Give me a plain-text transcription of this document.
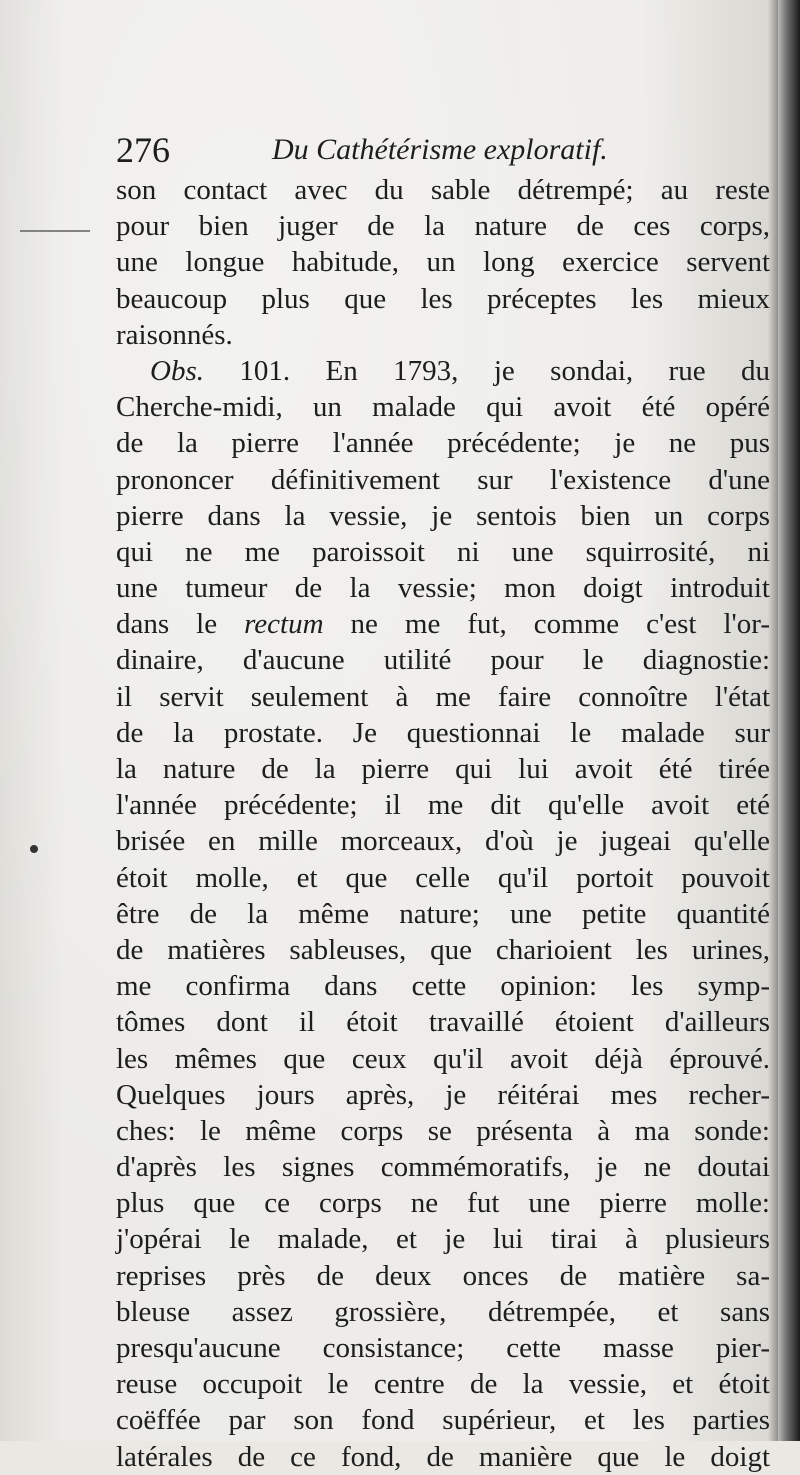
276	Du Cathétérisme exploratif.
son contact avec du sable détrempé; au reste
pour bien juger de la nature de ces corps,
une longue habitude, un long exercice servent
beaucoup plus que les préceptes les mieux
raisonnés.
Obs. 101. En 1793, je sondai, rue du
Cherche-midi, un malade qui avoit été opéré
de la pierre l'année précédente; je ne pus
prononcer définitivement sur l'existence d'une
pierre dans la vessie, je sentois bien un corps
qui ne me paroissoit ni une squirrosité, ni
une tumeur de la vessie; mon doigt introduit
dans le rectum ne me fut, comme c'est l'or-
dinaire, d'aucune utilité pour le diagnostie:
il servit seulement à me faire connoître l'état
de la prostate. Je questionnai le malade sur
la nature de la pierre qui lui avoit été tirée
l'année précédente; il me dit qu'elle avoit eté
brisée en mille morceaux, d'où je jugeai qu'elle
étoit molle, et que celle qu'il portoit pouvoit
être de la même nature; une petite quantité
de matières sableuses, que charioient les urines,
me confirma dans cette opinion: les symp-
tômes dont il étoit travaillé étoient d'ailleurs
les mêmes que ceux qu'il avoit déjà éprouvé.
Quelques jours après, je réitérai mes recher-
ches: le même corps se présenta à ma sonde:
d'après les signes commémoratifs, je ne doutai
plus que ce corps ne fut une pierre molle:
j'opérai le malade, et je lui tirai à plusieurs
reprises près de deux onces de matière sa-
bleuse assez grossière, détrempée, et sans
presqu'aucune consistance; cette masse pier-
reuse occupoit le centre de la vessie, et étoit
coëffée par son fond supérieur, et les parties
latérales de ce fond, de manière que le doigt
